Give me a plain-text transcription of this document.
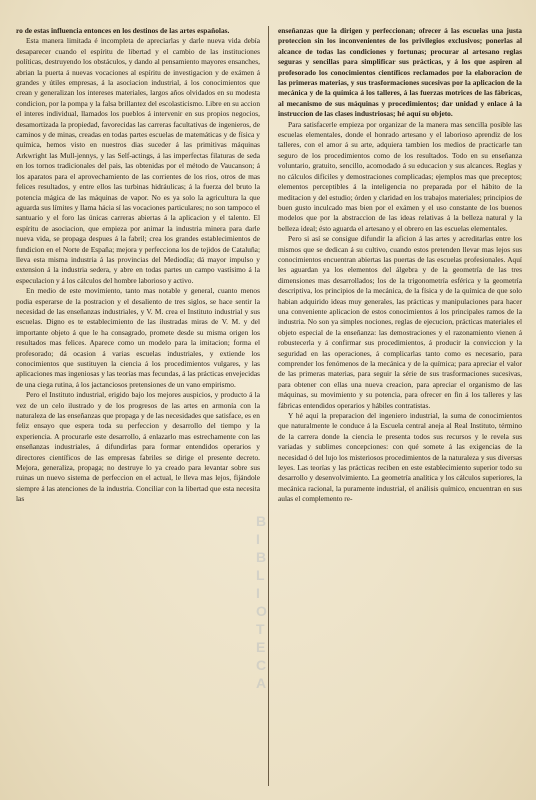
ro de estas influencia entonces en los destinos de las artes españolas.

Esta manera limitada é incompleta de apreciarlas y darle nueva vida debía desaparecer cuando el espíritu de libertad y el cambio de las instituciones políticas, destruyendo los obstáculos, y dando al pensamiento mayores ensanches, abrian la puerta á nuevas vocaciones al espíritu de investigacion y de exámen á grandes y útiles empresas, á la asociacion industrial, á los conocimientos que crean y generalizan los intereses materiales, largos años olvidados en su modesta condicion, por la pompa y la falsa brillantez del escolasticismo. Libre en su accion el interes individual, llamados los pueblos á intervenir en sus propios negocios, desamortizada la propiedad, favorecidas las carreras facultativas de ingenieros, de caminos y de minas, creadas en todas partes escuelas de matemáticas y de física y química, hemos visto en nuestros dias suceder á las primitivas máquinas Arkwright las Mull-jennys, y las Self-actings, á las imperfectas filaturas de seda en los tornos tradicionales del pais, las obtenidas por el método de Vaucanson; á los aparatos para el aprovechamiento de las corrientes de los rios, otros de mas felices resultados, y entre ellos las turbinas hidráulicas; á la fuerza del bruto la potencia mágica de las máquinas de vapor. No es ya solo la agricultura la que aguarda sus límites y llama hácia sí las vocaciones particulares; no son tampoco el santuario y el foro las únicas carreras abiertas á la aplicacion y el talento. El espíritu de asociacion, que empieza por animar la industria minera para darle nueva vida, se propaga despues á la fabril; crea los grandes establecimientos de fundicion en el Norte de España; mejora y perfecciona los de tejidos de Cataluña; lleva esta misma industria á las provincias del Mediodía; dá mayor impulso y extension á la industria sedera, y abre en todas partes un campo vastísimo á la especulacion y á los cálculos del hombre laborioso y activo.

En medio de este movimiento, tanto mas notable y general, cuanto menos podia esperarse de la postracion y el desaliento de tres siglos, se hace sentir la necesidad de las enseñanzas industriales, y V. M. crea el Instituto industrial y sus escuelas. Digno es te establecimiento de las ilustradas miras de V. M. y del importante objeto á que le ha consagrado, promete desde su misma origen los resultados mas felices. Aparece como un modelo para la imitacion; forma el profesorado; dá ocasion á varias escuelas industriales, y extiende los conocimientos que sustituyen la ciencia á los procedimientos vulgares, y las aplicaciones mas ingeniosas y las teorías mas fecundas, á las prácticas envejecidas de una ciega rutina, á los jactanciosos pretensiones de un vano empirismo.

Pero el Instituto industrial, erigido bajo los mejores auspicios, y producto á la vez de un celo ilustrado y de los progresos de las artes en armonía con la naturaleza de las enseñanzas que propaga y de las necesidades que satisface, es en feliz ensayo que espera toda su perfeccion y desarrollo del tiempo y la experiencia. A procurarle este desarrollo, á enlazarlo mas estrechamente con las enseñanzas industriales, á difundirlas para formar entendidos operarios y directores científicos de las empresas fabriles se dirige el presente decreto. Mejora, generaliza, propaga; no destruye lo ya creado para levantar sobre sus ruinas un nuevo sistema de perfeccion en el actual, le lleva mas lejos, fijándole siempre á las atenciones de la industria. Conciliar con la libertad que esta necesita las

enseñanzas que la dirigen y perfeccionan; ofrecer á las escuelas una justa proteccion sin los inconvenientes de los privilegios exclusivos; ponerlas al alcance de todas las condiciones y fortunas; procurar al artesano reglas seguras y sencillas para simplificar sus prácticas, y á los que aspiren al profesorado los conocimientos científicos reclamados por la elaboracion de las primeras materias, y sus trasformaciones sucesivas por la aplicacion de la mecánica y de la química á los talleres, á las fuerzas motrices de las fábricas, al mecanismo de sus máquinas y procedimientos; dar unidad y enlace á la instruccion de las clases industriosas; hé aquí su objeto.

Para satisfacerle empieza por organizar de la manera mas sencilla posible las escuelas elementales, donde el honrado artesano y el laborioso aprendiz de los talleres, con el amor á su arte, adquiera tambien los medios de practicarle tan seguro de los procedimientos como de los resultados. Todo en su enseñanza voluntario, gratuito, sencillo, acomodado á su educacion y sus alcances. Reglas y no cálculos difíciles y demostraciones complicadas; ejemplos mas que preceptos; elementos perceptibles á la inteligencia no preparada por el hábito de la meditacion y del estudio; órden y claridad en los trabajos materiales; principios de buen gusto inculcado mas bien por el exámen y el uso constante de los buenos modelos que por la abstraccion de las ideas relativas á la belleza natural y la belleza ideal; ésto aguarda el artesano y el obrero en las escuelas elementales.

Pero si así se consigue difundir la aficion á las artes y acreditarlas entre los mismos que se dedican á su cultivo, cuando estos pretenden llevar mas lejos sus conocimientos encuentran abiertas las puertas de las escuelas profesionales. Aquí les aguardan ya los elementos del álgebra y de la geometría de las tres dimensiones mas desarrollados; los de la trigonometría esférica y la geometría descriptiva, los principios de la mecánica, de la física y de la química de que solo habian adquirido ideas muy generales, las prácticas y manipulaciones para hacer una conveniente aplicacion de estos conocimientos á los principales ramos de la industria. No son ya simples nociones, reglas de ejecucion, prácticas materiales el objeto especial de la enseñanza: las demostraciones y el razonamiento vienen á robustecerla y á confirmar sus procedimientos, á producir la conviccion y la seguridad en las operaciones, á complicarlas tanto como es necesario, para comprender los fenómenos de la mecánica y de la química; para apreciar el valor de las primeras materias, para seguir la série de sus trasformaciones sucesivas, para obtener con ellas una nueva creacion, para apreciar el organismo de las máquinas, su movimiento y su potencia, para ofrecer en fin á los talleres y las fábricas entendidos operarios y hábiles contratistas.

Y hé aquí la preparacion del ingeniero industrial, la suma de conocimientos que naturalmente le conduce á la Escuela central aneja al Real Instituto, término de la carrera donde la ciencia le presenta todos sus recursos y le revela sus variadas y sublimes concepciones: con qué somete á las exigencias de la necesidad ó del lujo los misteriosos procedimientos de la naturaleza y sus diversas leyes. Las teorías y las prácticas reciben en este establecimiento superior todo su desarrollo y desenvolvimiento. La geometría analítica y los cálculos superiores, la mecánica racional, la puramente industrial, el análisis químico, encuentran en sus aulas el complemento re-

B
I
B
L
I
O
T
E
C
A
